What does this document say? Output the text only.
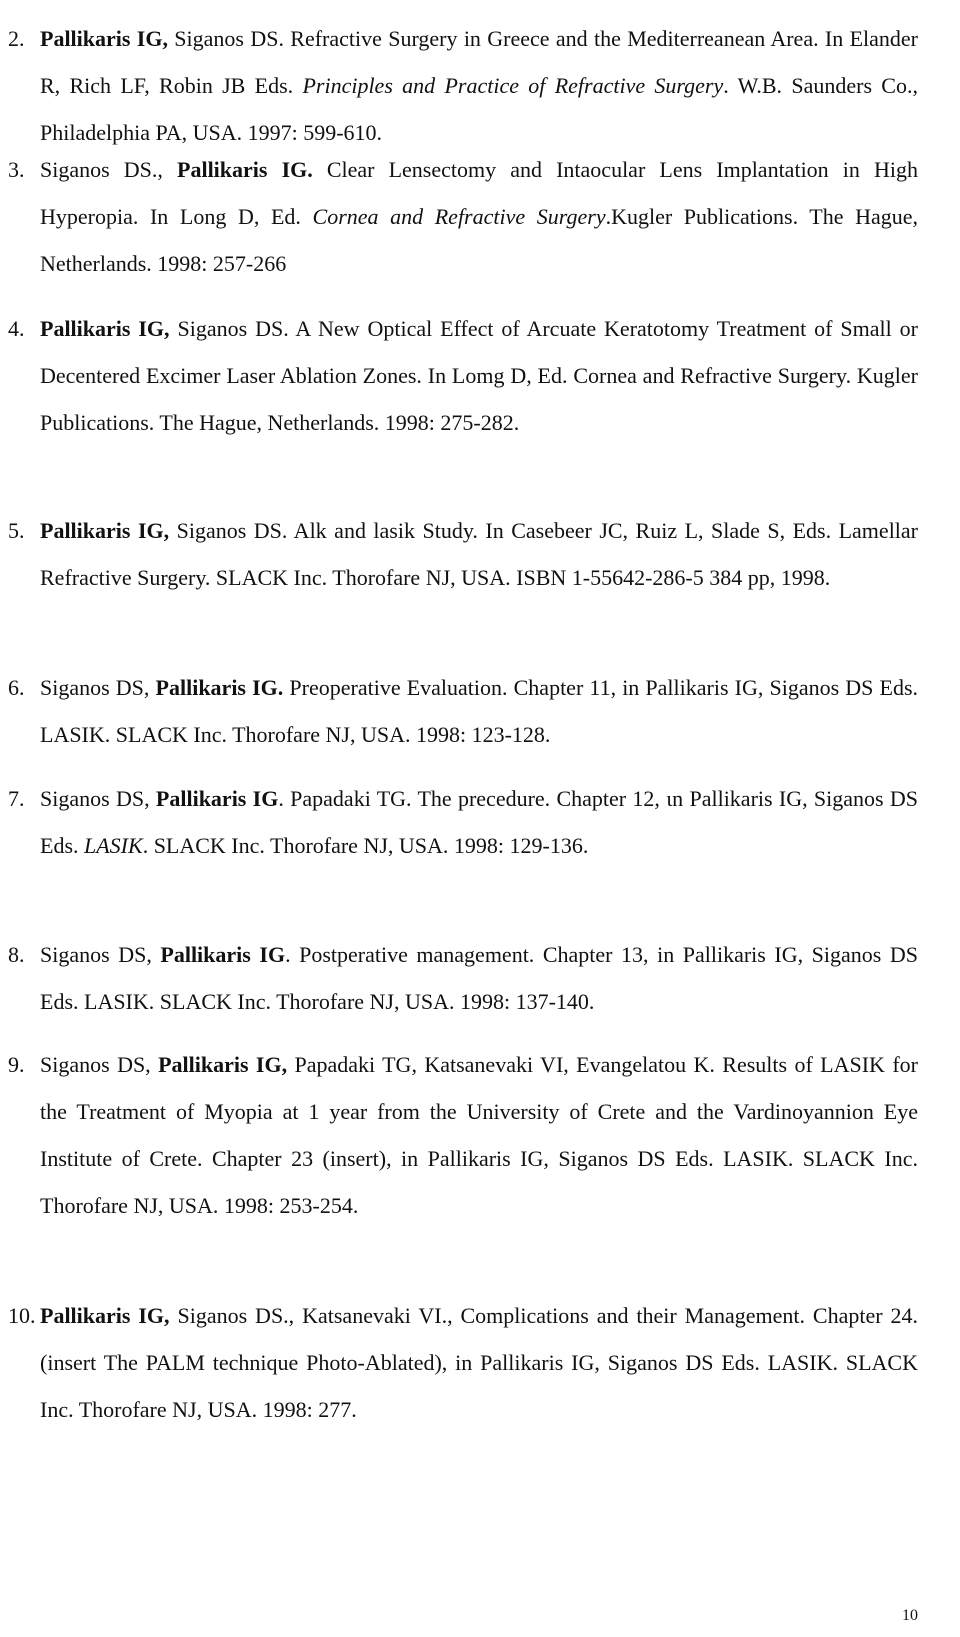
2. Pallikaris IG, Siganos DS. Refractive Surgery in Greece and the Mediterreanean Area. In Elander R, Rich LF, Robin JB Eds. Principles and Practice of Refractive Surgery. W.B. Saunders Co., Philadelphia PA, USA. 1997: 599-610.
3. Siganos DS., Pallikaris IG. Clear Lensectomy and Intaocular Lens Implantation in High Hyperopia. In Long D, Ed. Cornea and Refractive Surgery.Kugler Publications. The Hague, Netherlands. 1998: 257-266
4. Pallikaris IG, Siganos DS. A New Optical Effect of Arcuate Keratotomy Treatment of Small or Decentered Excimer Laser Ablation Zones. In Lomg D, Ed. Cornea and Refractive Surgery. Kugler Publications. The Hague, Netherlands. 1998: 275-282.
5. Pallikaris IG, Siganos DS. Alk and lasik Study. In Casebeer JC, Ruiz L, Slade S, Eds. Lamellar Refractive Surgery. SLACK Inc. Thorofare NJ, USA. ISBN 1-55642-286-5 384 pp, 1998.
6. Siganos DS, Pallikaris IG. Preoperative Evaluation. Chapter 11, in Pallikaris IG, Siganos DS Eds. LASIK. SLACK Inc. Thorofare NJ, USA. 1998: 123-128.
7. Siganos DS, Pallikaris IG. Papadaki TG. The precedure. Chapter 12, ιn Pallikaris IG, Siganos DS Eds. LASIK. SLACK Inc. Thorofare NJ, USA. 1998: 129-136.
8. Siganos DS, Pallikaris IG. Postperative management. Chapter 13, in Pallikaris IG, Siganos DS Eds. LASIK. SLACK Inc. Thorofare NJ, USA. 1998: 137-140.
9. Siganos DS, Pallikaris IG, Papadaki TG, Katsanevaki VI, Evangelatou K. Results of LASIK for the Treatment of Myopia at 1 year from the University of Crete and the Vardinoyannion Eye Institute of Crete. Chapter 23 (insert), in Pallikaris IG, Siganos DS Eds. LASIK. SLACK Inc. Thorofare NJ, USA. 1998: 253-254.
10. Pallikaris IG, Siganos DS., Katsanevaki VI., Complications and their Management. Chapter 24. (insert The PALM technique Photo-Ablated), in Pallikaris IG, Siganos DS Eds. LASIK. SLACK Inc. Thorofare NJ, USA. 1998: 277.
10
